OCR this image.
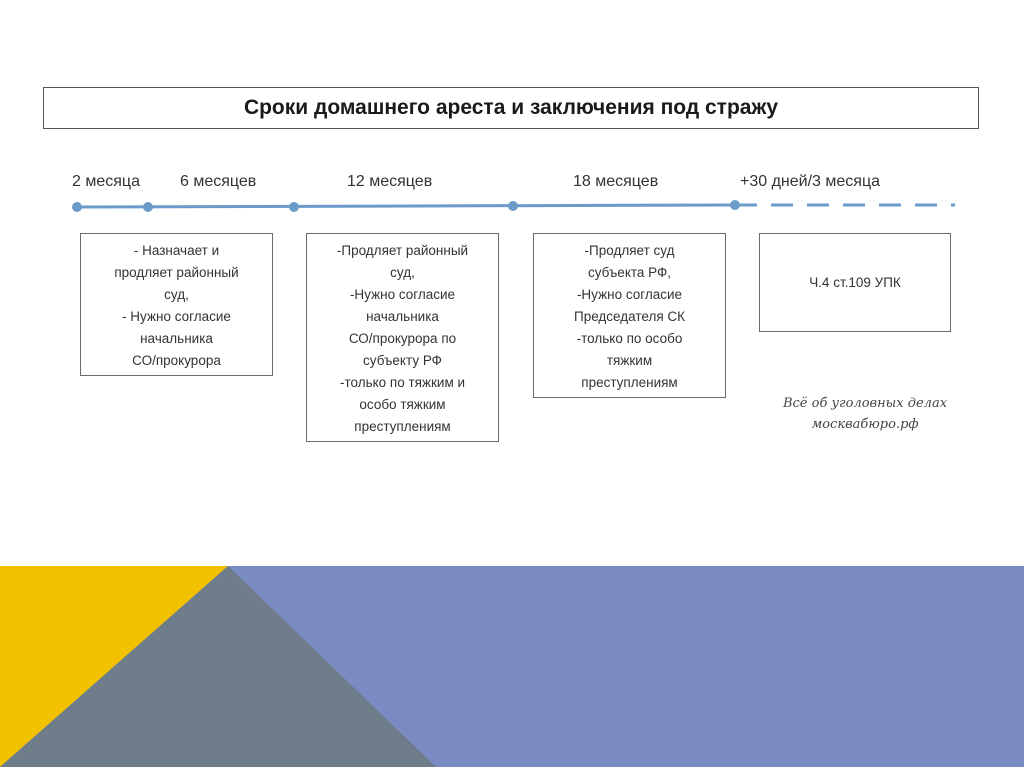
Сроки домашнего ареста и заключения под стражу
2 месяца	6 месяцев	12 месяцев	18 месяцев	+30 дней/3 месяца
- Назначает и
продляет районный
суд,
- Нужно согласие
начальника
СО/прокурора
-Продляет районный
суд,
-Нужно согласие
начальника
СО/прокурора по
субъекту РФ
-только по тяжким и
особо тяжким
преступлениям
-Продляет суд
субъекта РФ,
-Нужно согласие
Председателя СК
-только по особо
тяжким
преступлениям
Ч.4 ст.109 УПК
Всё об уголовных делах
москвабюро.рф
